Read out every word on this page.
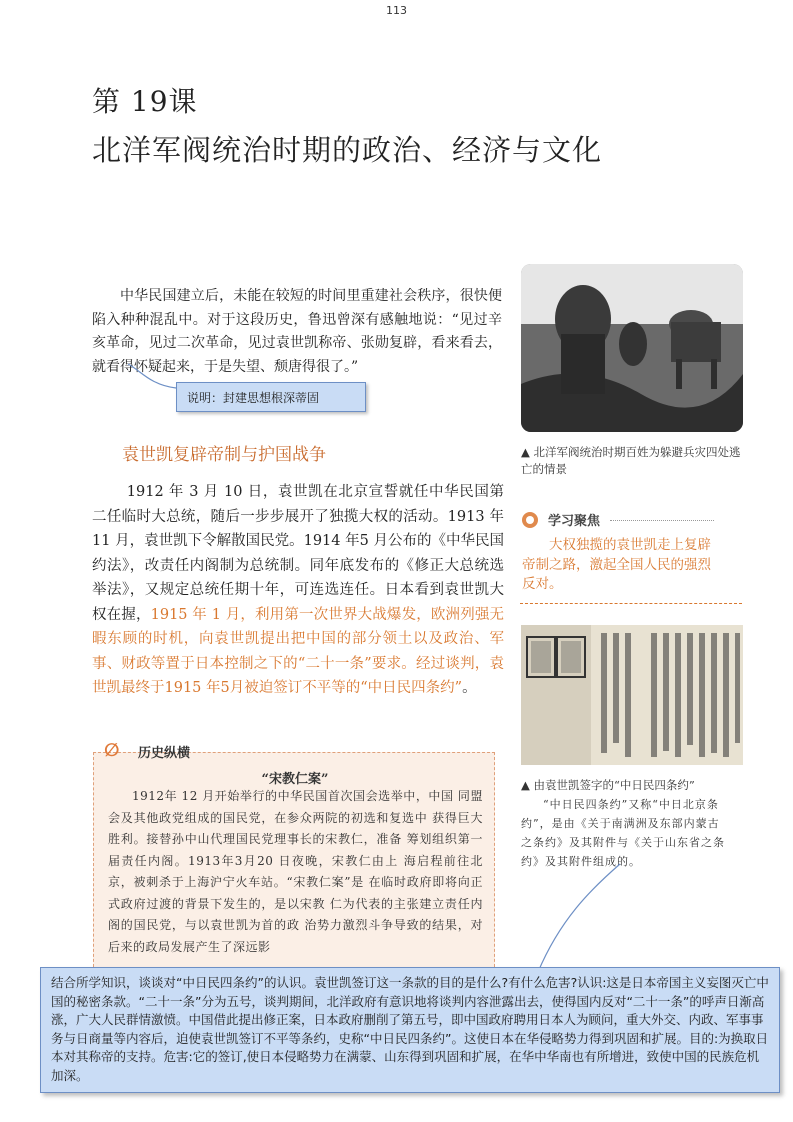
113
第 19课
北洋军阀统治时期的政治、经济与文化
中华民国建立后，未能在较短的时间里重建社会秩序，很快便陷入种种混乱中。对于这段历史，鲁迅曾深有感触地说：“见过辛亥革命，见过二次革命，见过袁世凯称帝、张勋复辟，看来看去，就看得怀疑起来，于是失望、颓唐得很了。”
说明：封建思想根深蒂固
▲ 北洋军阀统治时期百姓为躲避兵灾四处逃亡的情景
学习聚焦
大权独揽的袁世凯走上复辟帝制之路，激起全国人民的强烈反对。
袁世凯复辟帝制与护国战争
1912 年 3 月 10 日，袁世凯在北京宣誓就任中华民国第二任临时大总统，随后一步步展开了独揽大权的活动。1913 年 11 月，袁世凯下令解散国民党。1914 年5 月公布的《中华民国约法》，改责任内阁制为总统制。同年底发布的《修正大总统选举法》，又规定总统任期十年，可连选连任。日本看到袁世凯大权在握，1915 年 1 月，利用第一次世界大战爆发，欧洲列强无暇东顾的时机，向袁世凯提出把中国的部分领土以及政治、军事、财政等置于日本控制之下的“二十一条”要求。经过谈判，袁世凯最终于1915 年5月被迫签订不平等的“中日民四条约”。
▲ 由袁世凯签字的“中日民四条约”
“中日民四条约”又称“中日北京条约”，是由《关于南满洲及东部内蒙古之条约》及其附件与《关于山东省之条约》及其附件组成的。
∅ 历史纵横
“宋教仁案”
1912年 12 月开始举行的中华民国首次国会选举中，中国 同盟会及其他政党组成的国民党，在参众两院的初选和复选中 获得巨大胜利。接替孙中山代理国民党理事长的宋教仁，准备 筹划组织第一届责任内阁。1913年3月20 日夜晚，宋教仁由上 海启程前往北京，被刺杀于上海沪宁火车站。“宋教仁案”是 在临时政府即将向正式政府过渡的背景下发生的，是以宋教 仁为代表的主张建立责任内阁的国民党，与以袁世凯为首的政 治势力激烈斗争导致的结果，对后来的政局发展产生了深远影
结合所学知识，谈谈对“中日民四条约”的认识。袁世凯签订这一条款的目的是什么?有什么危害?认识:这是日本帝国主义妄图灭亡中国的秘密条款。“二十一条”分为五号，谈判期间，北洋政府有意识地将谈判内容泄露出去，使得国内反对“二十一条”的呼声日渐高涨，广大人民群情激愤。中国借此提出修正案，日本政府删削了第五号，即中国政府聘用日本人为顾问，重大外交、内政、军事事务与日商量等内容后，迫使袁世凯签订不平等条约，史称“中日民四条约”。这使日本在华侵略势力得到巩固和扩展。目的:为换取日本对其称帝的支持。危害:它的签订,使日本侵略势力在满蒙、山东得到巩固和扩展，在华中华南也有所增进，致使中国的民族危机加深。
